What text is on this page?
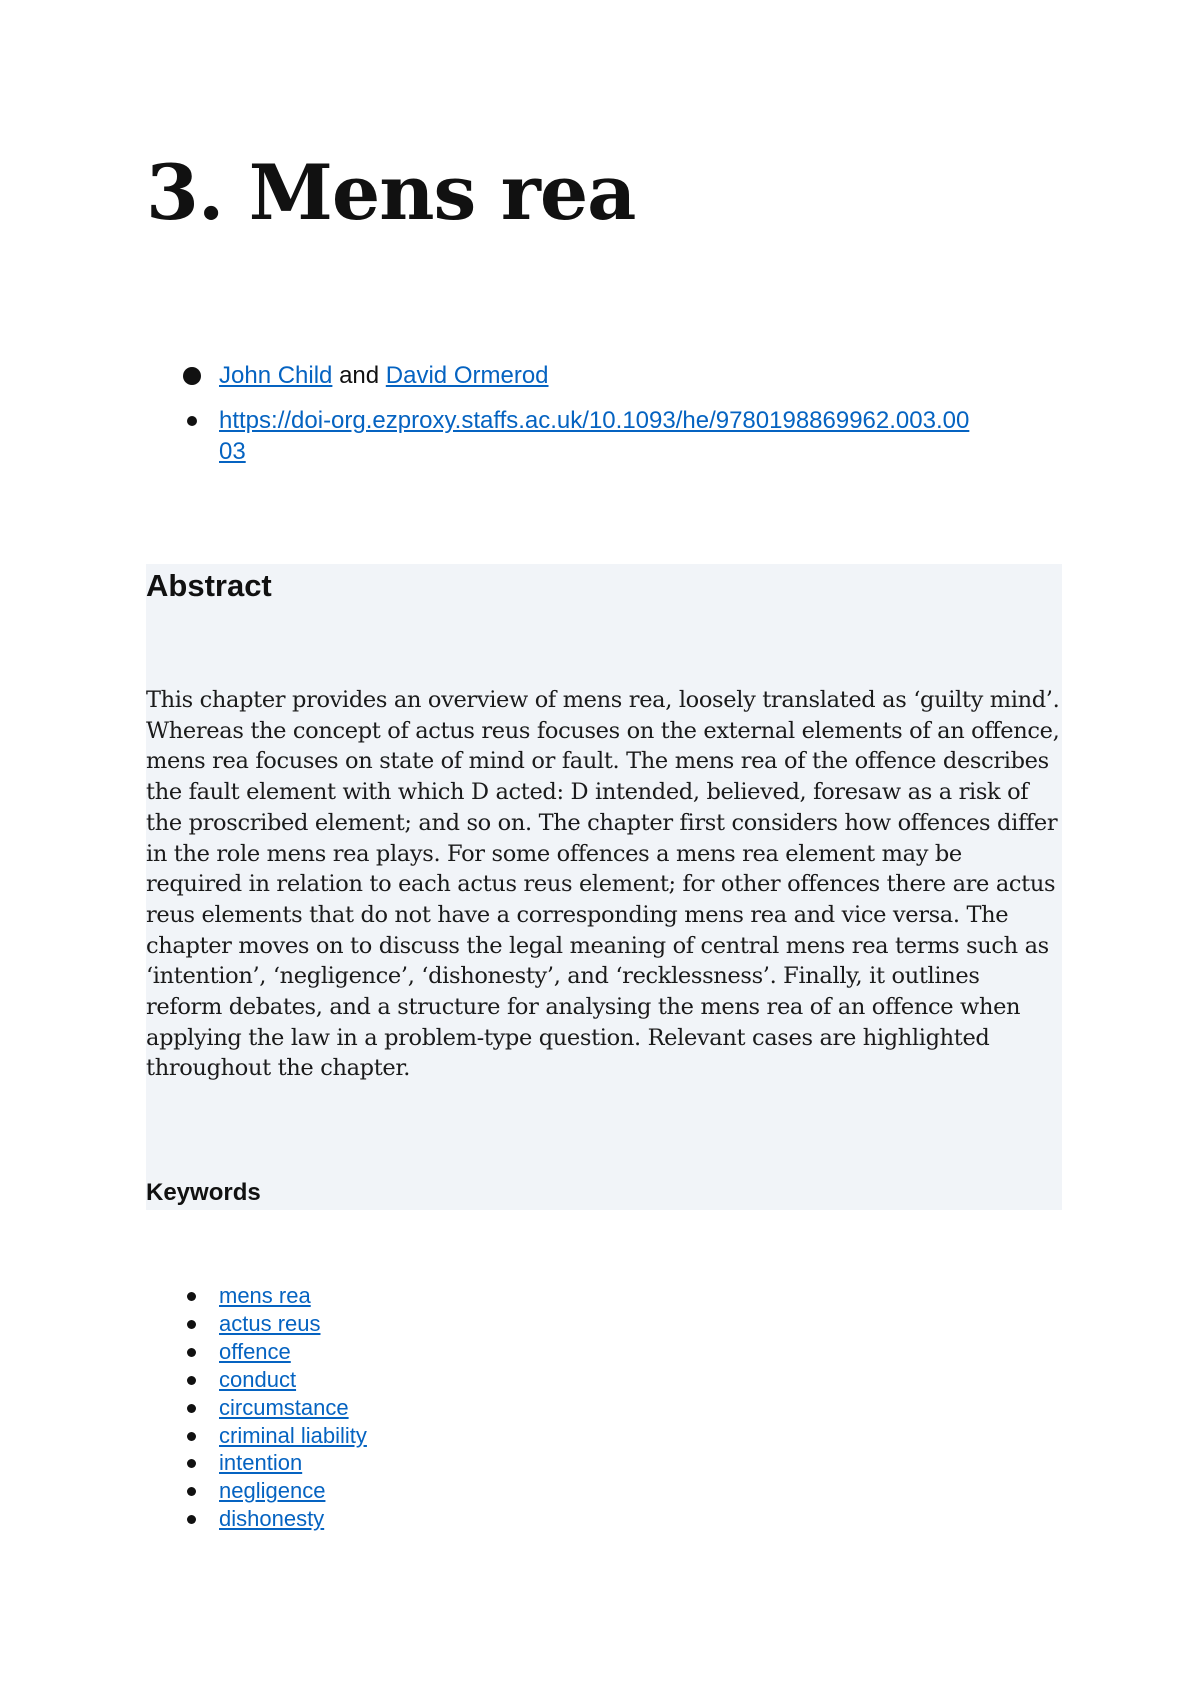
3. Mens rea
John Child and David Ormerod
https://doi-org.ezproxy.staffs.ac.uk/10.1093/he/9780198869962.003.0003
Abstract

This chapter provides an overview of mens rea, loosely translated as ‘guilty mind’. Whereas the concept of actus reus focuses on the external elements of an offence, mens rea focuses on state of mind or fault. The mens rea of the offence describes the fault element with which D acted: D intended, believed, foresaw as a risk of the proscribed element; and so on. The chapter first considers how offences differ in the role mens rea plays. For some offences a mens rea element may be required in relation to each actus reus element; for other offences there are actus reus elements that do not have a corresponding mens rea and vice versa. The chapter moves on to discuss the legal meaning of central mens rea terms such as ‘intention’, ‘negligence’, ‘dishonesty’, and ‘recklessness’. Finally, it outlines reform debates, and a structure for analysing the mens rea of an offence when applying the law in a problem-type question. Relevant cases are highlighted throughout the chapter.

Keywords
mens rea
actus reus
offence
conduct
circumstance
criminal liability
intention
negligence
dishonesty
